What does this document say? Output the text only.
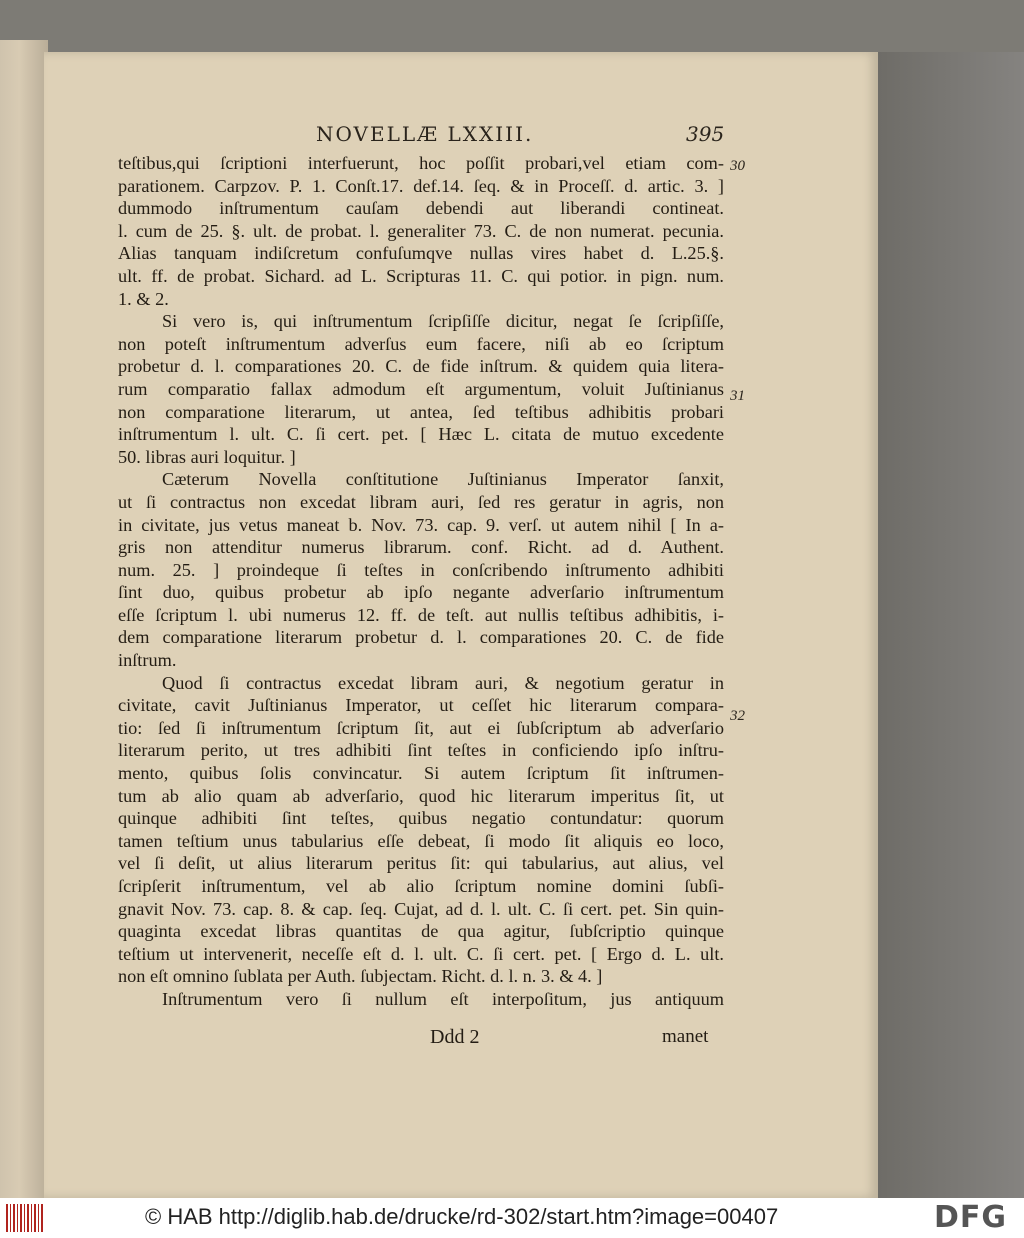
NOVELLÆ LXXIII.	395
teſtibus,qui ſcriptioni interfuerunt, hoc poſſit probari,vel etiam com-
parationem. Carpzov. P. 1. Conſt.17. def.14. ſeq. & in Proceſſ. d. artic. 3. ]
dummodo inſtrumentum cauſam debendi aut liberandi contineat.
l. cum de 25. §. ult. de probat. l. generaliter 73. C. de non numerat. pecunia.
Alias tanquam indiſcretum confuſumqve nullas vires habet d. L.25.§.
ult. ff. de probat. Sichard. ad L. Scripturas 11. C. qui potior. in pign. num.
1. & 2.
Si vero is, qui inſtrumentum ſcripſiſſe dicitur, negat ſe ſcripſiſſe,
non poteſt inſtrumentum adverſus eum facere, niſi ab eo ſcriptum
probetur d. l. comparationes 20. C. de fide inſtrum. & quidem quia litera-
rum comparatio fallax admodum eſt argumentum, voluit Juſtinianus
non comparatione literarum, ut antea, ſed teſtibus adhibitis probari
inſtrumentum l. ult. C. ſi cert. pet. [ Hæc L. citata de mutuo excedente
50. libras auri loquitur. ]
Cæterum Novella conſtitutione Juſtinianus Imperator ſanxit,
ut ſi contractus non excedat libram auri, ſed res geratur in agris, non
in civitate, jus vetus maneat b. Nov. 73. cap. 9. verſ. ut autem nihil [ In a-
gris non attenditur numerus librarum. conf. Richt. ad d. Authent.
num. 25. ] proindeque ſi teſtes in conſcribendo inſtrumento adhibiti
ſint duo, quibus probetur ab ipſo negante adverſario inſtrumentum
eſſe ſcriptum l. ubi numerus 12. ff. de teſt. aut nullis teſtibus adhibitis, i-
dem comparatione literarum probetur d. l. comparationes 20. C. de fide
inſtrum.
Quod ſi contractus excedat libram auri, & negotium geratur in
civitate, cavit Juſtinianus Imperator, ut ceſſet hic literarum compara-
tio: ſed ſi inſtrumentum ſcriptum ſit, aut ei ſubſcriptum ab adverſario
literarum perito, ut tres adhibiti ſint teſtes in conficiendo ipſo inſtru-
mento, quibus ſolis convincatur. Si autem ſcriptum ſit inſtrumen-
tum ab alio quam ab adverſario, quod hic literarum imperitus ſit, ut
quinque adhibiti ſint teſtes, quibus negatio contundatur: quorum
tamen teſtium unus tabularius eſſe debeat, ſi modo ſit aliquis eo loco,
vel ſi deſit, ut alius literarum peritus ſit: qui tabularius, aut alius, vel
ſcripſerit inſtrumentum, vel ab alio ſcriptum nomine domini ſubſi-
gnavit Nov. 73. cap. 8. & cap. ſeq. Cujat, ad d. l. ult. C. ſi cert. pet. Sin quin-
quaginta excedat libras quantitas de qua agitur, ſubſcriptio quinque
teſtium ut intervenerit, neceſſe eſt d. l. ult. C. ſi cert. pet. [ Ergo d. L. ult.
non eſt omnino ſublata per Auth. ſubjectam. Richt. d. l. n. 3. & 4. ]
Inſtrumentum vero ſi nullum eſt interpoſitum, jus antiquum
30
31
32
Ddd 2	manet
© HAB http://diglib.hab.de/drucke/rd-302/start.htm?image=00407	DFG
